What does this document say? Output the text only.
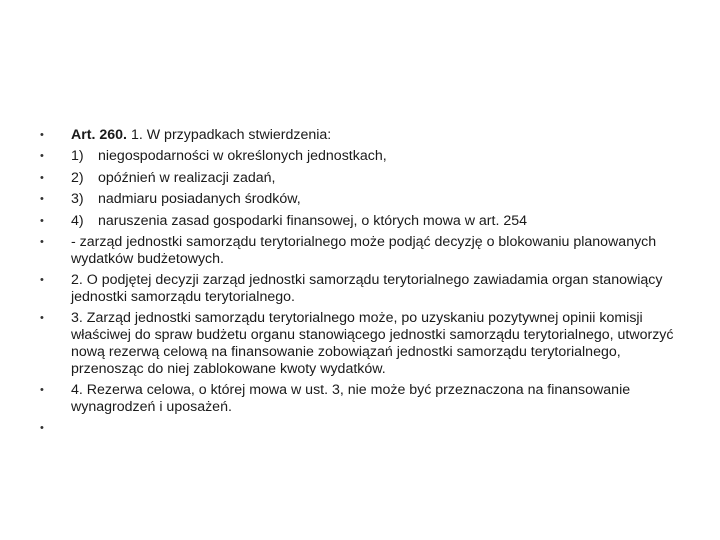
•	Art. 260. 1. W przypadkach stwierdzenia:
•	1) niegospodarności w określonych jednostkach,
•	2) opóźnień w realizacji zadań,
•	3) nadmiaru posiadanych środków,
•	4) naruszenia zasad gospodarki finansowej, o których mowa w art. 254
•	- zarząd jednostki samorządu terytorialnego może podjąć decyzję o blokowaniu planowanych wydatków budżetowych.
•	2. O podjętej decyzji zarząd jednostki samorządu terytorialnego zawiadamia organ stanowiący jednostki samorządu terytorialnego.
•	3. Zarząd jednostki samorządu terytorialnego może, po uzyskaniu pozytywnej opinii komisji właściwej do spraw budżetu organu stanowiącego jednostki samorządu terytorialnego, utworzyć nową rezerwą celową na finansowanie zobowiązań jednostki samorządu terytorialnego, przenosząc do niej zablokowane kwoty wydatków.
•	4. Rezerwa celowa, o której mowa w ust. 3, nie może być przeznaczona na finansowanie wynagrodzeń i uposażeń.
•
